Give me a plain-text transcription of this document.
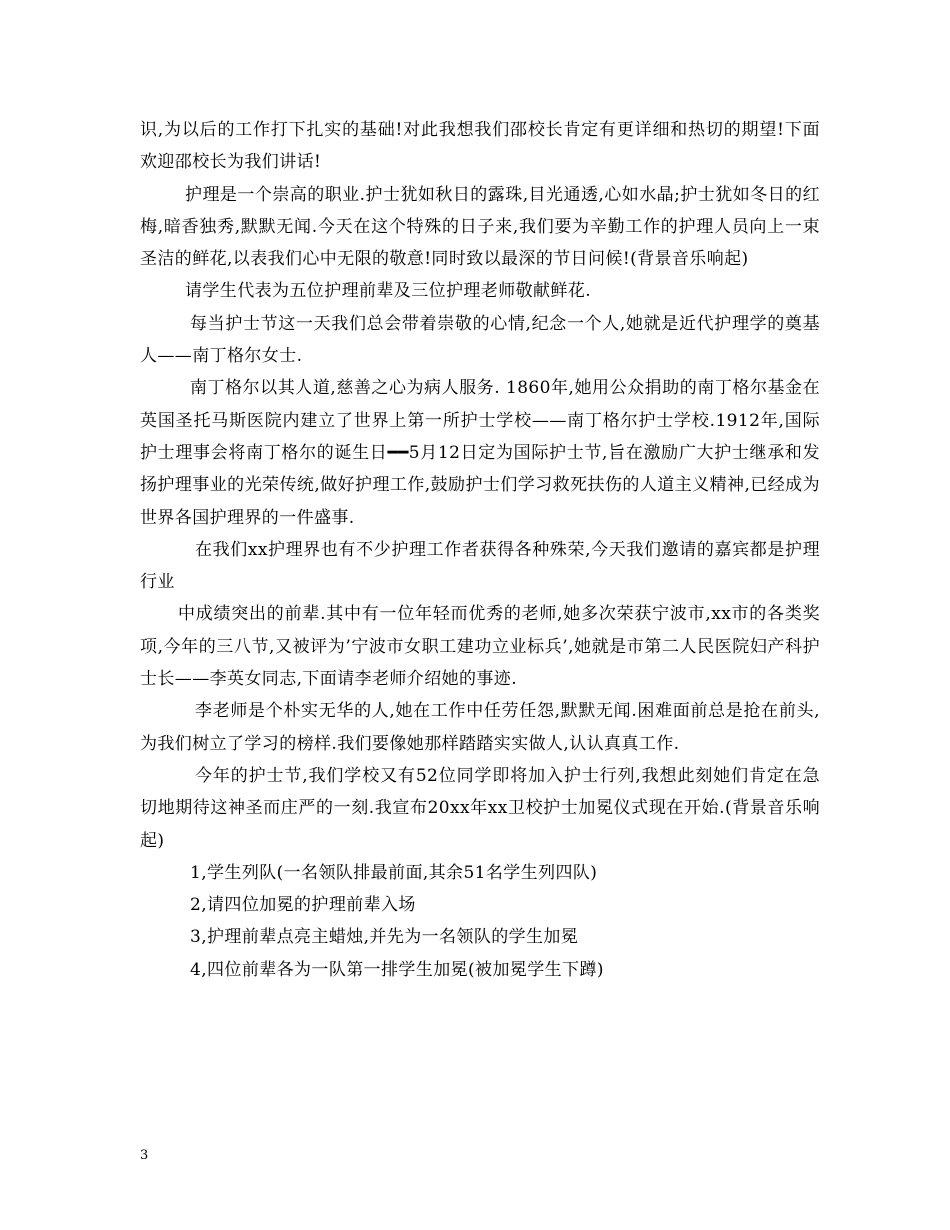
识,为以后的工作打下扎实的基础!对此我想我们邵校长肯定有更详细和热切的期望!下面欢迎邵校长为我们讲话!

护理是一个崇高的职业.护士犹如秋日的露珠,目光通透,心如水晶;护士犹如冬日的红梅,暗香独秀,默默无闻.今天在这个特殊的日子来,我们要为辛勤工作的护理人员向上一束圣洁的鲜花,以表我们心中无限的敬意!同时致以最深的节日问候!(背景音乐响起)

请学生代表为五位护理前辈及三位护理老师敬献鲜花.

每当护士节这一天我们总会带着崇敬的心情,纪念一个人,她就是近代护理学的奠基人——南丁格尔女士.

南丁格尔以其人道,慈善之心为病人服务. 1860年,她用公众捐助的南丁格尔基金在英国圣托马斯医院内建立了世界上第一所护士学校——南丁格尔护士学校.1912年,国际护士理事会将南丁格尔的诞生日━━5月12日定为国际护士节,旨在激励广大护士继承和发扬护理事业的光荣传统,做好护理工作,鼓励护士们学习救死扶伤的人道主义精神,已经成为世界各国护理界的一件盛事.

在我们xx护理界也有不少护理工作者获得各种殊荣,今天我们邀请的嘉宾都是护理行业

中成绩突出的前辈.其中有一位年轻而优秀的老师,她多次荣获宁波市,xx市的各类奖项,今年的三八节,又被评为’宁波市女职工建功立业标兵’,她就是市第二人民医院妇产科护士长——李英女同志,下面请李老师介绍她的事迹.

李老师是个朴实无华的人,她在工作中任劳任怨,默默无闻.困难面前总是抢在前头,为我们树立了学习的榜样.我们要像她那样踏踏实实做人,认认真真工作.

今年的护士节,我们学校又有52位同学即将加入护士行列,我想此刻她们肯定在急切地期待这神圣而庄严的一刻.我宣布20xx年xx卫校护士加冕仪式现在开始.(背景音乐响起)

1,学生列队(一名领队排最前面,其余51名学生列四队)

2,请四位加冕的护理前辈入场

3,护理前辈点亮主蜡烛,并先为一名领队的学生加冕

4,四位前辈各为一队第一排学生加冕(被加冕学生下蹲)

3
